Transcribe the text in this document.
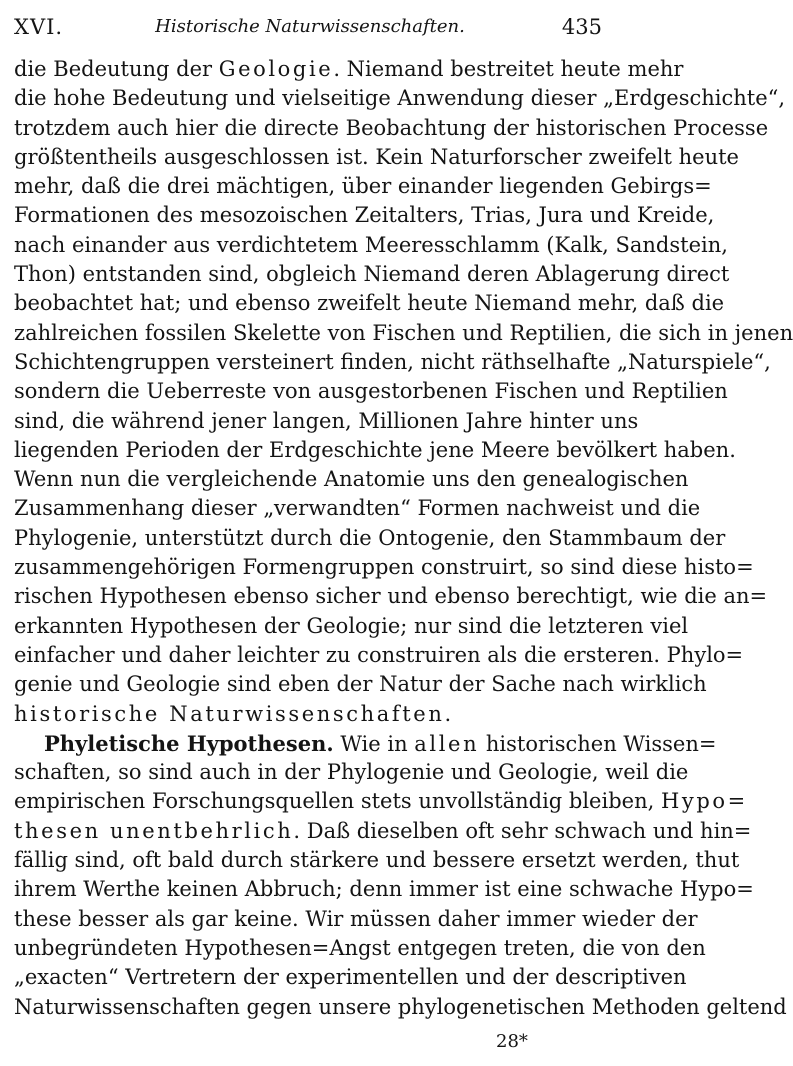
XVI.	Historische Naturwissenschaften.	435
die Bedeutung der Geologie. Niemand bestreitet heute mehr
die hohe Bedeutung und vielseitige Anwendung dieser „Erdgeschichte“,
trotzdem auch hier die directe Beobachtung der historischen Processe
größtentheils ausgeschlossen ist. Kein Naturforscher zweifelt heute
mehr, daß die drei mächtigen, über einander liegenden Gebirgs=
Formationen des mesozoischen Zeitalters, Trias, Jura und Kreide,
nach einander aus verdichtetem Meeresschlamm (Kalk, Sandstein,
Thon) entstanden sind, obgleich Niemand deren Ablagerung direct
beobachtet hat; und ebenso zweifelt heute Niemand mehr, daß die
zahlreichen fossilen Skelette von Fischen und Reptilien, die sich in jenen
Schichtengruppen versteinert finden, nicht räthselhafte „Naturspiele“,
sondern die Ueberreste von ausgestorbenen Fischen und Reptilien
sind, die während jener langen, Millionen Jahre hinter uns
liegenden Perioden der Erdgeschichte jene Meere bevölkert haben.
Wenn nun die vergleichende Anatomie uns den genealogischen
Zusammenhang dieser „verwandten“ Formen nachweist und die
Phylogenie, unterstützt durch die Ontogenie, den Stammbaum der
zusammengehörigen Formengruppen construirt, so sind diese histo=
rischen Hypothesen ebenso sicher und ebenso berechtigt, wie die an=
erkannten Hypothesen der Geologie; nur sind die letzteren viel
einfacher und daher leichter zu construiren als die ersteren. Phylo=
genie und Geologie sind eben der Natur der Sache nach wirklich
historische Naturwissenschaften.
Phyletische Hypothesen. Wie in allen historischen Wissen=
schaften, so sind auch in der Phylogenie und Geologie, weil die
empirischen Forschungsquellen stets unvollständig bleiben, Hypo=
thesen unentbehrlich. Daß dieselben oft sehr schwach und hin=
fällig sind, oft bald durch stärkere und bessere ersetzt werden, thut
ihrem Werthe keinen Abbruch; denn immer ist eine schwache Hypo=
these besser als gar keine. Wir müssen daher immer wieder der
unbegründeten Hypothesen=Angst entgegen treten, die von den
„exacten“ Vertretern der experimentellen und der descriptiven
Naturwissenschaften gegen unsere phylogenetischen Methoden geltend
28*
